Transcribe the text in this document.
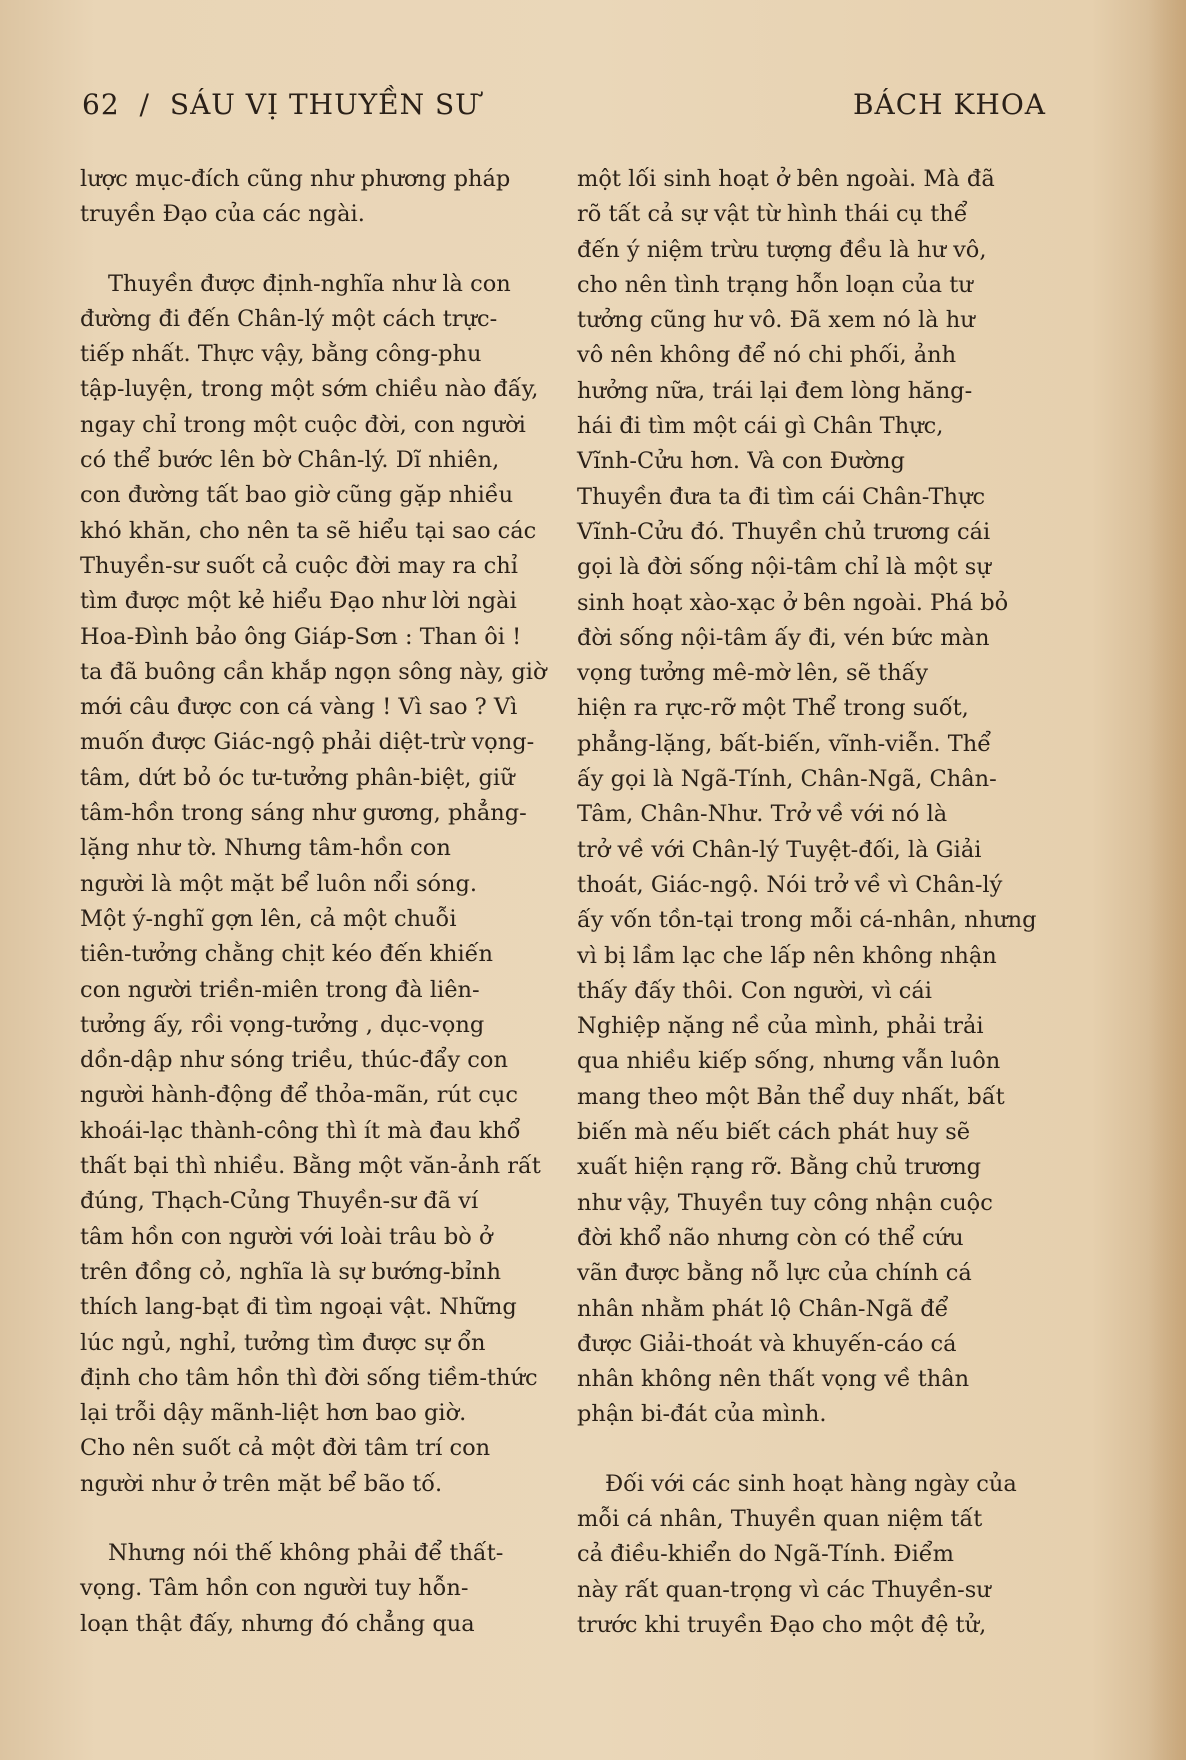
62 / SÁU VỊ THUYỀN SƯ	BÁCH KHOA

lược mục-đích cũng như phương pháp
truyền Đạo của các ngài.

Thuyền được định-nghĩa như là con
đường đi đến Chân-lý một cách trực-
tiếp nhất. Thực vậy, bằng công-phu
tập-luyện, trong một sớm chiều nào đấy,
ngay chỉ trong một cuộc đời, con người
có thể bước lên bờ Chân-lý. Dĩ nhiên,
con đường tất bao giờ cũng gặp nhiều
khó khăn, cho nên ta sẽ hiểu tại sao các
Thuyền-sư suốt cả cuộc đời may ra chỉ
tìm được một kẻ hiểu Đạo như lời ngài
Hoa-Đình bảo ông Giáp-Sơn : Than ôi !
ta đã buông cần khắp ngọn sông này, giờ
mới câu được con cá vàng ! Vì sao ? Vì
muốn được Giác-ngộ phải diệt-trừ vọng-
tâm, dứt bỏ óc tư-tưởng phân-biệt, giữ
tâm-hồn trong sáng như gương, phẳng-
lặng như tờ. Nhưng tâm-hồn con
người là một mặt bể luôn nổi sóng.
Một ý-nghĩ gợn lên, cả một chuỗi
tiên-tưởng chằng chịt kéo đến khiến
con người triền-miên trong đà liên-
tưởng ấy, rồi vọng-tưởng , dục-vọng
dồn-dập như sóng triều, thúc-đẩy con
người hành-động để thỏa-mãn, rút cục
khoái-lạc thành-công thì ít mà đau khổ
thất bại thì nhiều. Bằng một văn-ảnh rất
đúng, Thạch-Củng Thuyền-sư đã ví
tâm hồn con người với loài trâu bò ở
trên đồng cỏ, nghĩa là sự bướng-bỉnh
thích lang-bạt đi tìm ngoại vật. Những
lúc ngủ, nghỉ, tưởng tìm được sự ổn
định cho tâm hồn thì đời sống tiềm-thức
lại trỗi dậy mãnh-liệt hơn bao giờ.
Cho nên suốt cả một đời tâm trí con
người như ở trên mặt bể bão tố.

Nhưng nói thế không phải để thất-
vọng. Tâm hồn con người tuy hỗn-
loạn thật đấy, nhưng đó chẳng qua

một lối sinh hoạt ở bên ngoài. Mà đã
rõ tất cả sự vật từ hình thái cụ thể
đến ý niệm trừu tượng đều là hư vô,
cho nên tình trạng hỗn loạn của tư
tưởng cũng hư vô. Đã xem nó là hư
vô nên không để nó chi phối, ảnh
hưởng nữa, trái lại đem lòng hăng-
hái đi tìm một cái gì Chân Thực,
Vĩnh-Cửu hơn. Và con Đường
Thuyền đưa ta đi tìm cái Chân-Thực
Vĩnh-Cửu đó. Thuyền chủ trương cái
gọi là đời sống nội-tâm chỉ là một sự
sinh hoạt xào-xạc ở bên ngoài. Phá bỏ
đời sống nội-tâm ấy đi, vén bức màn
vọng tưởng mê-mờ lên, sẽ thấy
hiện ra rực-rỡ một Thể trong suốt,
phẳng-lặng, bất-biến, vĩnh-viễn. Thể
ấy gọi là Ngã-Tính, Chân-Ngã, Chân-
Tâm, Chân-Như. Trở về với nó là
trở về với Chân-lý Tuyệt-đối, là Giải
thoát, Giác-ngộ. Nói trở về vì Chân-lý
ấy vốn tồn-tại trong mỗi cá-nhân, nhưng
vì bị lầm lạc che lấp nên không nhận
thấy đấy thôi. Con người, vì cái
Nghiệp nặng nề của mình, phải trải
qua nhiều kiếp sống, nhưng vẫn luôn
mang theo một Bản thể duy nhất, bất
biến mà nếu biết cách phát huy sẽ
xuất hiện rạng rỡ. Bằng chủ trương
như vậy, Thuyền tuy công nhận cuộc
đời khổ não nhưng còn có thể cứu
vãn được bằng nỗ lực của chính cá
nhân nhằm phát lộ Chân-Ngã để
được Giải-thoát và khuyến-cáo cá
nhân không nên thất vọng về thân
phận bi-đát của mình.

Đối với các sinh hoạt hàng ngày của
mỗi cá nhân, Thuyền quan niệm tất
cả điều-khiển do Ngã-Tính. Điểm
này rất quan-trọng vì các Thuyền-sư
trước khi truyền Đạo cho một đệ tử,
